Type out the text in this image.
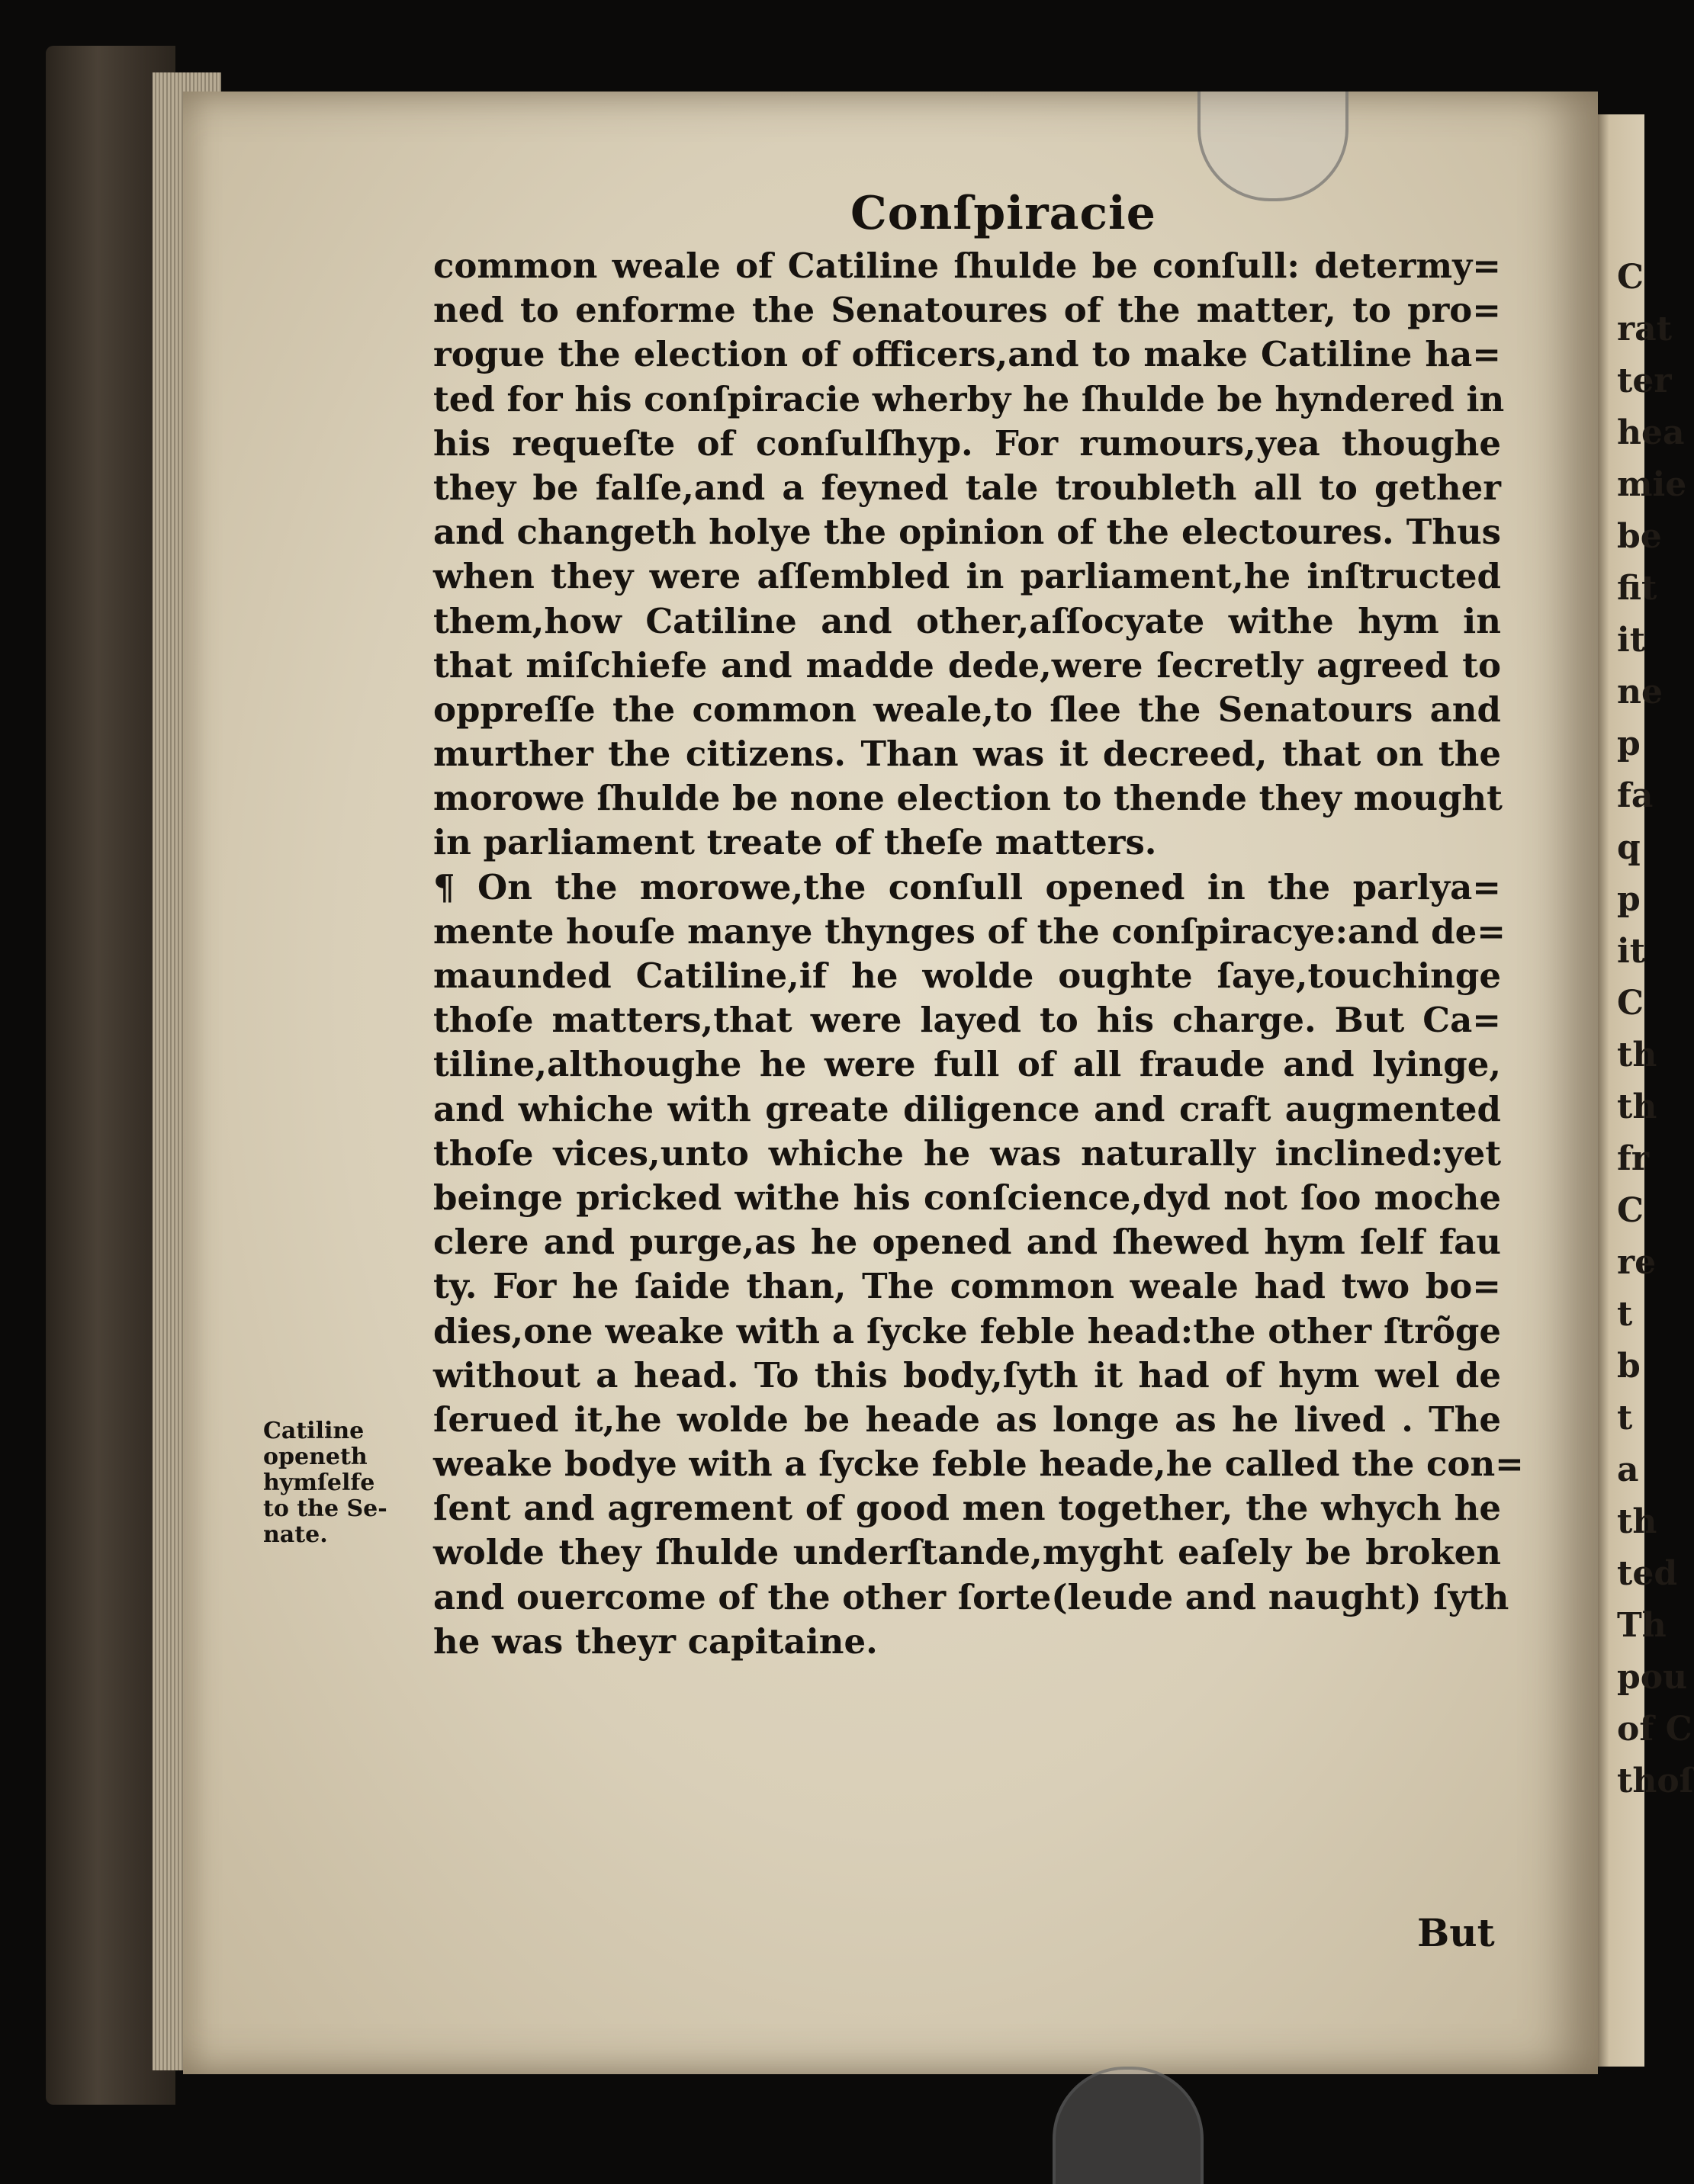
C
rat
ter
hea
mie
be
fit
it
ne
p
fa
q
p
it
C
th
th
fr
C
re
t
b
t
a
th
ted
Th
pou
of C
thoſ
Conſpiracie
common weale of Catiline ſhulde be conſull: determy=
ned to enforme the Senatoures of the matter, to pro=
rogue the election of officers,and to make Catiline ha=
ted for his conſpiracie wherby he ſhulde be hyndered in
his requeſte of conſulſhyp. For rumours,yea thoughe
they be falſe,and a feyned tale troubleth all to gether
and changeth holye the opinion of the electoures. Thus
when they were aſſembled in parliament,he inſtructed
them,how Catiline and other,aſſocyate withe hym in
that miſchiefe and madde dede,were ſecretly agreed to
oppreſſe the common weale,to ſlee the Senatours and
murther the citizens. Than was it decreed, that on the
morowe ſhulde be none election to thende they mought
in parliament treate of theſe matters.
¶ On the morowe,the conſull opened in the parlya=
mente houſe manye thynges of the conſpiracye:and de=
maunded Catiline,if he wolde oughte ſaye,touchinge
thoſe matters,that were layed to his charge. But Ca=
tiline,althoughe he were full of all fraude and lyinge,
and whiche with greate diligence and craft augmented
thoſe vices,unto whiche he was naturally inclined:yet
beinge pricked withe his conſcience,dyd not ſoo moche
clere and purge,as he opened and ſhewed hym ſelf fau
ty. For he ſaide than, The common weale had two bo=
dies,one weake with a ſycke feble head:the other ſtrõge
without a head. To this body,ſyth it had of hym wel de
ſerued it,he wolde be heade as longe as he lived . The
weake bodye with a ſycke feble heade,he called the con=
ſent and agrement of good men together, the whych he
wolde they ſhulde underſtande,myght eaſely be broken
and ouercome of the other ſorte(leude and naught) ſyth
he was theyr capitaine.
Catiline
openeth
hymſelfe
to the Se-
nate.
But
